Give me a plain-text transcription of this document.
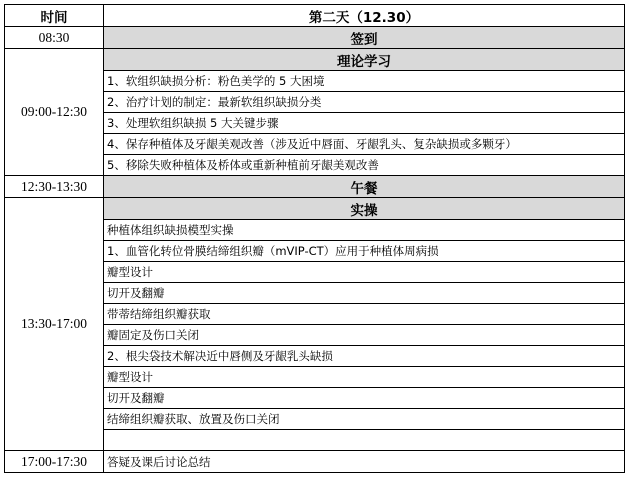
时间	第二天（12.30）
08:30	签到
09:00-12:30	理论学习
	1、软组织缺损分析：粉色美学的 5 大困境
	2、治疗计划的制定：最新软组织缺损分类
	3、处理软组织缺损 5 大关键步骤
	4、保存种植体及牙龈美观改善（涉及近中唇面、牙龈乳头、复杂缺损或多颗牙）
	5、移除失败种植体及桥体或重新种植前牙龈美观改善
12:30-13:30	午餐
13:30-17:00	实操
	种植体组织缺损模型实操
	1、血管化转位骨膜结缔组织瓣（mVIP-CT）应用于种植体周病损
	瓣型设计
	切开及翻瓣
	带蒂结缔组织瓣获取
	瓣固定及伤口关闭
	2、根尖袋技术解决近中唇侧及牙龈乳头缺损
	瓣型设计
	切开及翻瓣
	结缔组织瓣获取、放置及伤口关闭

17:00-17:30	答疑及课后讨论总结
